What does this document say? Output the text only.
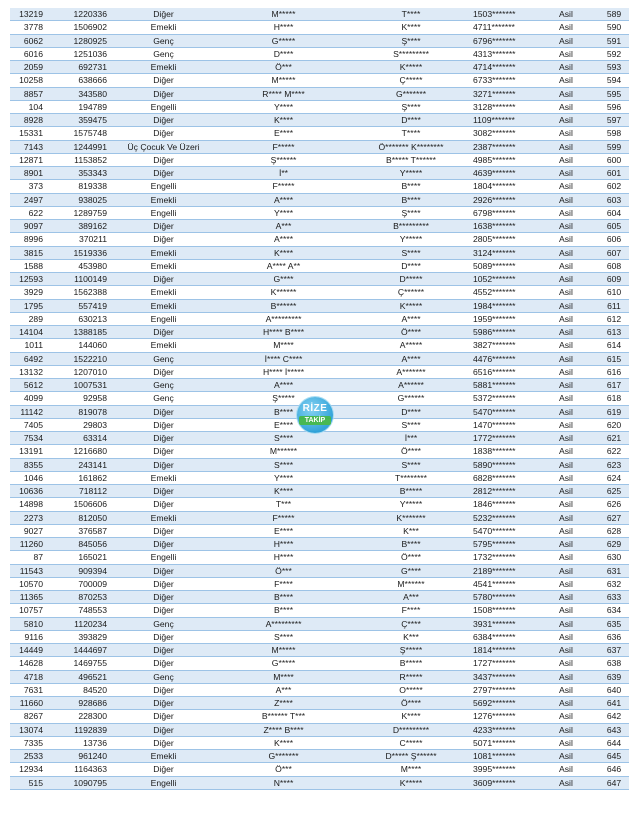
13219	1220336	Diğer	M*****	T****	1503*******	Asil	589
3778	1506902	Emekli	H****	K****	4711*******	Asil	590
6062	1280925	Genç	G*****	Ş****	6796*******	Asil	591
6016	1251036	Genç	D****	S*********	4313*******	Asil	592
2059	692731	Emekli	Ö***	K*****	4714*******	Asil	593
10258	638666	Diğer	M*****	Ç*****	6733*******	Asil	594
8857	343580	Diğer	R**** M****	G*******	3271*******	Asil	595
104	194789	Engelli	Y****	Ş****	3128*******	Asil	596
8928	359475	Diğer	K****	D****	1109*******	Asil	597
15331	1575748	Diğer	E****	T****	3082*******	Asil	598
7143	1244991	Üç Çocuk Ve Üzeri	F*****	Ö******* K********	2387*******	Asil	599
12871	1153852	Diğer	Ş******	B***** T******	4985*******	Asil	600
8901	353343	Diğer	İ**	Y*****	4639*******	Asil	601
373	819338	Engelli	F*****	B****	1804*******	Asil	602
2497	938025	Emekli	A****	B****	2926*******	Asil	603
622	1289759	Engelli	Y****	Ş****	6798*******	Asil	604
9097	389162	Diğer	A***	B*********	1638*******	Asil	605
8996	370211	Diğer	A****	Y*****	2805*******	Asil	606
3815	1519336	Emekli	K****	S****	3124*******	Asil	607
1588	453980	Emekli	A**** A**	D****	5089*******	Asil	608
12593	1100149	Diğer	G****	D*****	1052*******	Asil	609
3929	1562388	Emekli	K******	Ç******	4552*******	Asil	610
1795	557419	Emekli	B******	K*****	1984*******	Asil	611
289	630213	Engelli	A*********	A****	1959*******	Asil	612
14104	1388185	Diğer	H**** B****	Ö****	5986*******	Asil	613
1011	144060	Emekli	M****	A*****	3827*******	Asil	614
6492	1522210	Genç	İ**** C****	A****	4476*******	Asil	615
13132	1207010	Diğer	H**** İ*****	A*******	6516*******	Asil	616
5612	1007531	Genç	A****	A******	5881*******	Asil	617
4099	92958	Genç	Ş*****	G******	5372*******	Asil	618
11142	819078	Diğer	B****	D****	5470*******	Asil	619
7405	29803	Diğer	E****	S****	1470*******	Asil	620
7534	63314	Diğer	S****	İ***	1772*******	Asil	621
13191	1216680	Diğer	M******	Ö****	1838*******	Asil	622
8355	243141	Diğer	S****	S****	5890*******	Asil	623
1046	161862	Emekli	Y****	T********	6828*******	Asil	624
10636	718112	Diğer	K****	B*****	2812*******	Asil	625
14898	1506606	Diğer	T***	Y*****	1846*******	Asil	626
2273	812050	Emekli	F*****	K*******	5232*******	Asil	627
9027	376587	Diğer	E****	K***	5470*******	Asil	628
11260	845056	Diğer	H****	B****	5795*******	Asil	629
87	165021	Engelli	H****	Ö****	1732*******	Asil	630
11543	909394	Diğer	Ö***	G****	2189*******	Asil	631
10570	700009	Diğer	F****	M******	4541*******	Asil	632
11365	870253	Diğer	B****	A***	5780*******	Asil	633
10757	748553	Diğer	B****	F****	1508*******	Asil	634
5810	1120234	Genç	A*********	Ç****	3931*******	Asil	635
9116	393829	Diğer	S****	K***	6384*******	Asil	636
14449	1444697	Diğer	M*****	Ş*****	1814*******	Asil	637
14628	1469755	Diğer	G*****	B*****	1727*******	Asil	638
4718	496521	Genç	M****	R*****	3437*******	Asil	639
7631	84520	Diğer	A***	O*****	2797*******	Asil	640
11660	928686	Diğer	Z****	Ö****	5692*******	Asil	641
8267	228300	Diğer	B****** T***	K****	1276*******	Asil	642
13074	1192839	Diğer	Z**** B****	D*********	4233*******	Asil	643
7335	13736	Diğer	K****	C*****	5071*******	Asil	644
2533	961240	Emekli	G*******	D***** Ş******	1081*******	Asil	645
12934	1164363	Diğer	Ö***	M****	3995*******	Asil	646
515	1090795	Engelli	N****	K*****	3609*******	Asil	647
RİZE
TAKİP
